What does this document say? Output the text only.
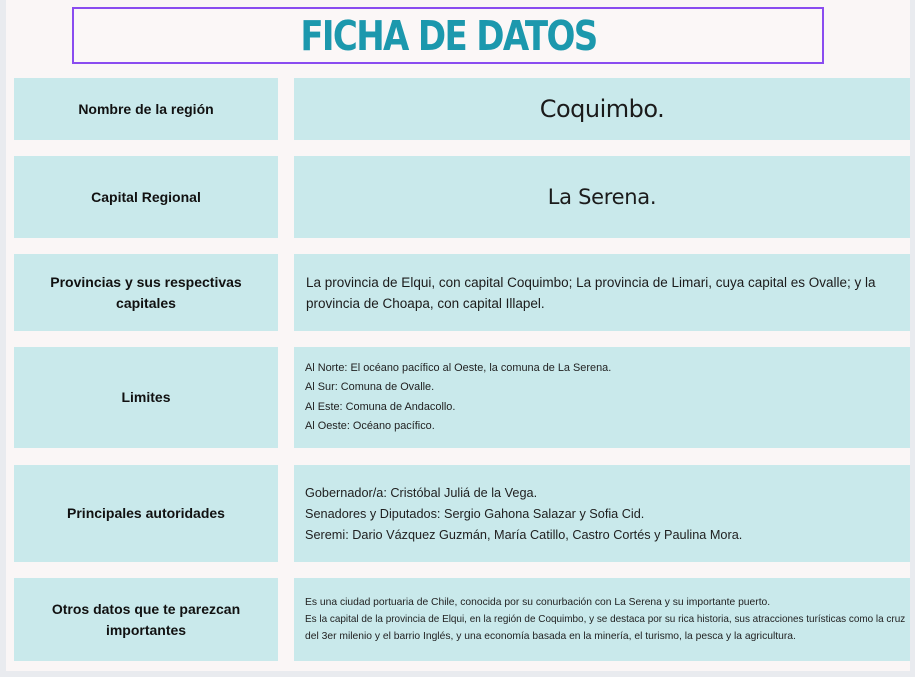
FICHA DE DATOS
Nombre de la región	Coquimbo.
Capital Regional	La Serena.
Provincias y sus respectivas capitales
La provincia de Elqui, con capital Coquimbo; La provincia de Limari, cuya capital es Ovalle; y la provincia de Choapa, con capital Illapel.
Limites
Al Norte: El océano pacífico al Oeste, la comuna de La Serena.
Al Sur: Comuna de Ovalle.
Al Este: Comuna de Andacollo.
Al Oeste: Océano pacífico.
Principales autoridades
Gobernador/a: Cristóbal Juliá de la Vega.
Senadores y Diputados: Sergio Gahona Salazar y Sofia Cid.
Seremi: Dario Vázquez Guzmán, María Catillo, Castro Cortés y Paulina Mora.
Otros datos que te parezcan importantes
Es una ciudad portuaria de Chile, conocida por su conurbación con La Serena y su importante puerto.
Es la capital de la provincia de Elqui, en la región de Coquimbo, y se destaca por su rica historia, sus atracciones turísticas como la cruz
del 3er milenio y el barrio Inglés, y una economía basada en la minería, el turismo, la pesca y la agricultura.
